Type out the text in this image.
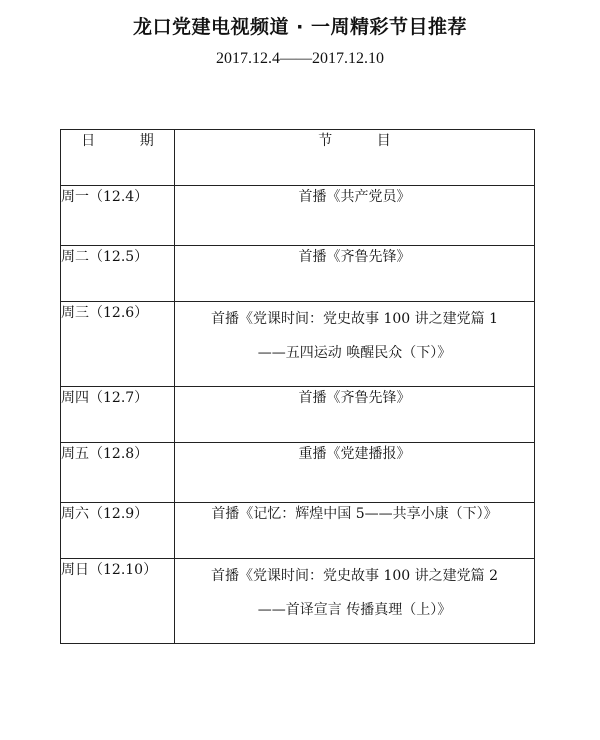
龙口党建电视频道 · 一周精彩节目推荐
2017.12.4——2017.12.10
日 期	节 目
周一（12.4）	首播《共产党员》

周二（12.5）	首播《齐鲁先锋》

周三（12.6）	首播《党课时间：党史故事 100 讲之建党篇 1
——五四运动 唤醒民众（下）》

周四（12.7）	首播《齐鲁先锋》

周五（12.8）	重播《党建播报》

周六（12.9）	首播《记忆：辉煌中国 5——共享小康（下）》

周日（12.10）	首播《党课时间：党史故事 100 讲之建党篇 2
——首译宣言 传播真理（上）》
